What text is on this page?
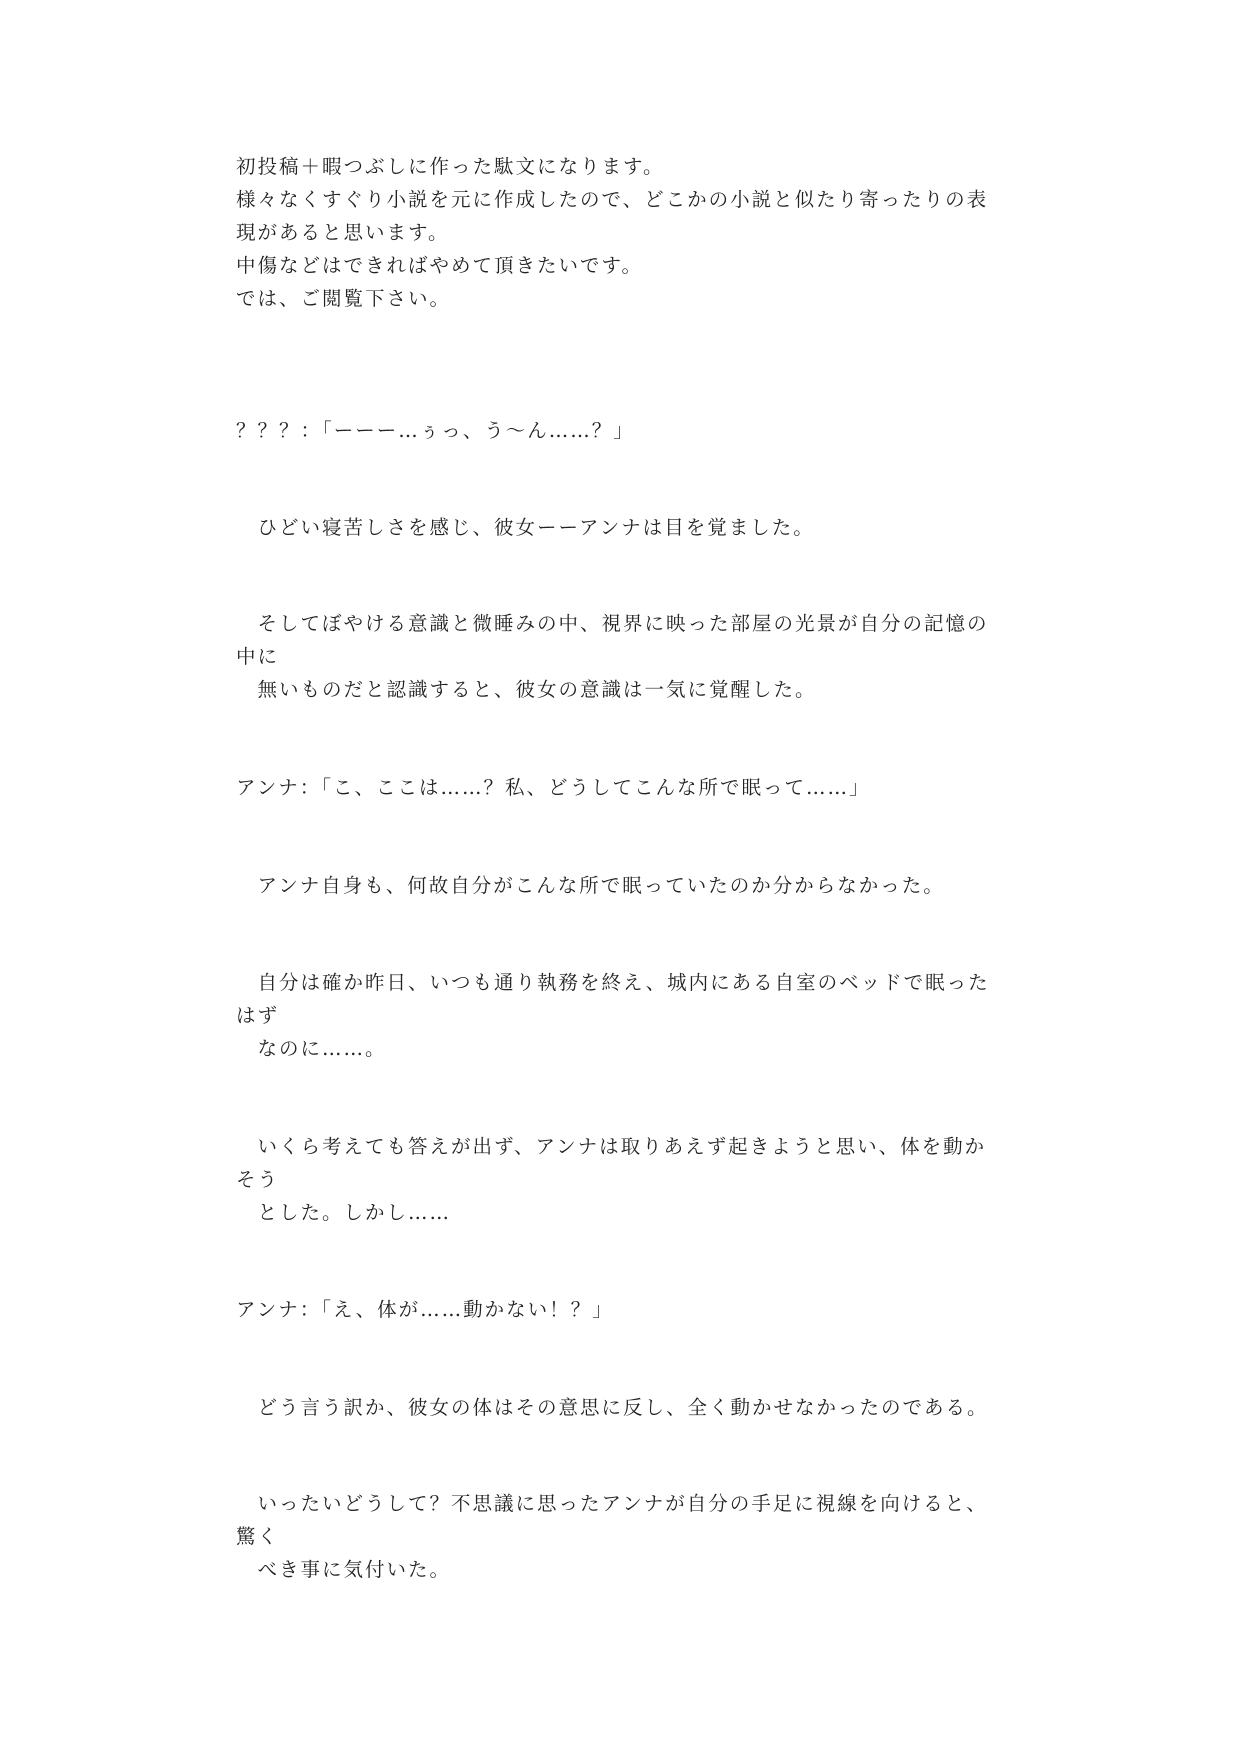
初投稿＋暇つぶしに作った駄文になります。

様々なくすぐり小説を元に作成したので、どこかの小説と似たり寄ったりの表

現があると思います。

中傷などはできればやめて頂きたいです。

では、ご閲覧下さい。

？？？：「ーーー…ぅっ、う～ん……？」

　ひどい寝苦しさを感じ、彼女ーーアンナは目を覚ました。

　そしてぼやける意識と微睡みの中、視界に映った部屋の光景が自分の記憶の

中に

　無いものだと認識すると、彼女の意識は一気に覚醒した。

アンナ：「こ、ここは……？私、どうしてこんな所で眠って……」

　アンナ自身も、何故自分がこんな所で眠っていたのか分からなかった。

　自分は確か昨日、いつも通り執務を終え、城内にある自室のベッドで眠った

はず

　なのに……。

　いくら考えても答えが出ず、アンナは取りあえず起きようと思い、体を動か

そう

　とした。しかし……

アンナ：「え、体が……動かない！？」

　どう言う訳か、彼女の体はその意思に反し、全く動かせなかったのである。

　いったいどうして？不思議に思ったアンナが自分の手足に視線を向けると、

驚く

　べき事に気付いた。
